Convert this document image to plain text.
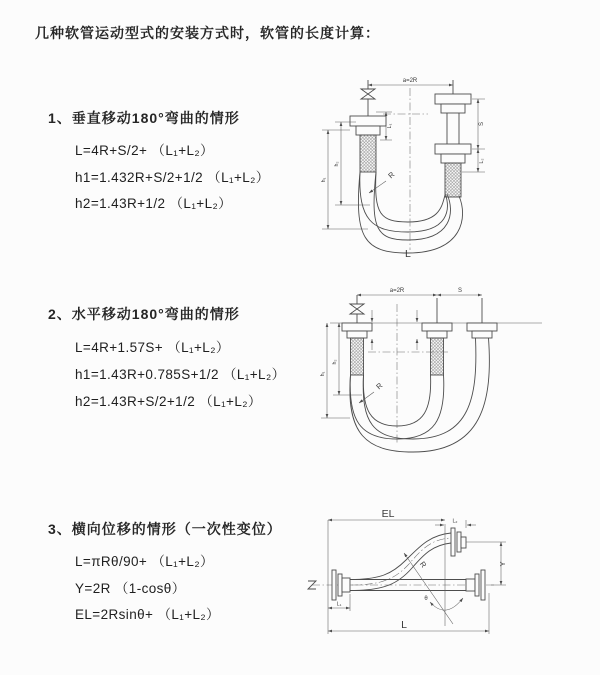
几种软管运动型式的安装方式时，软管的长度计算：
1、垂直移动180°弯曲的情形
L=4R+S/2+ （L₁+L₂）
h1=1.432R+S/2+1/2 （L₁+L₂）
h2=1.43R+1/2 （L₁+L₂）
2、水平移动180°弯曲的情形
L=4R+1.57S+ （L₁+L₂）
h1=1.43R+0.785S+1/2 （L₁+L₂）
h2=1.43R+S/2+1/2 （L₁+L₂）
3、横向位移的情形（一次性变位）
L=πRθ/90+ （L₁+L₂）
Y=2R （1-cosθ）
EL=2Rsinθ+ （L₁+L₂）
a=2R
L₁	S
L₂
h₁
h₂
R
L
a=2R	S
h₁
h₂
R
R
θ
EL
L₂
Y
L₁
L
